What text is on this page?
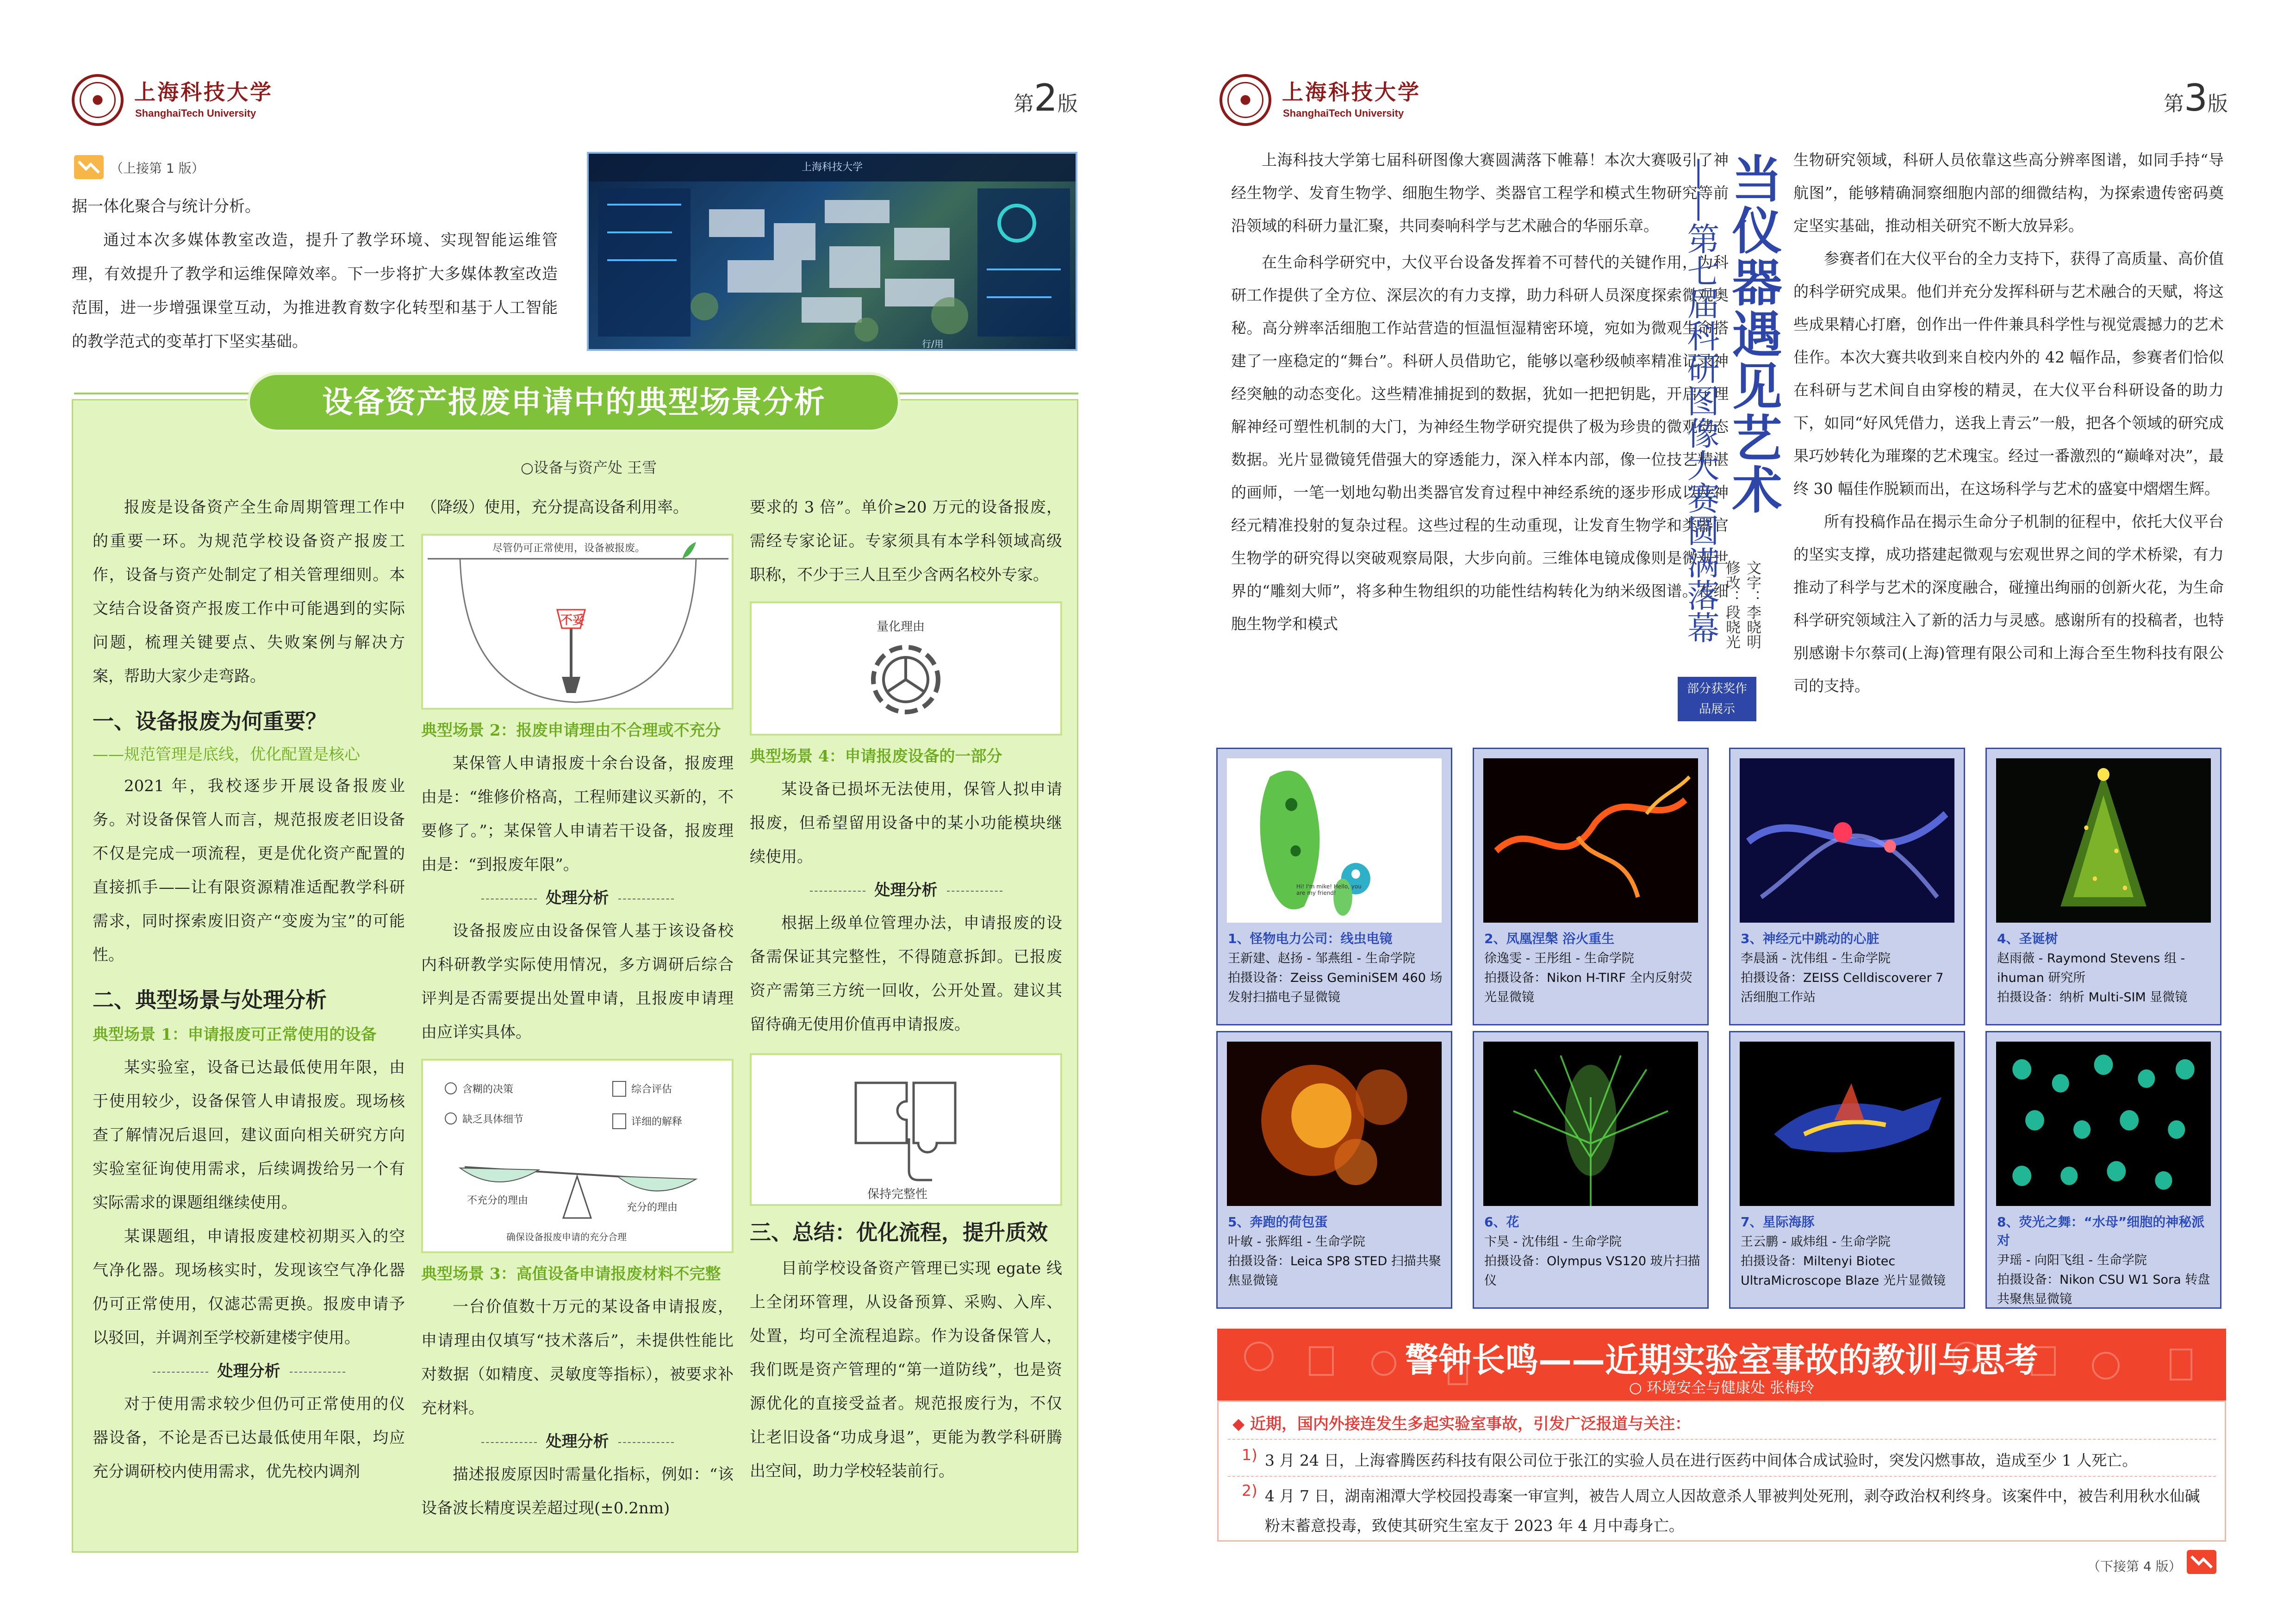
上海科技大学
ShanghaiTech University	第2版
（上接第 1 版）

据一体化聚合与统计分析。

通过本次多媒体教室改造，提升了教学环境、实现智能运维管理，有效提升了教学和运维保障效率。下一步将扩大多媒体教室改造范围，进一步增强课堂互动，为推进教育数字化转型和基于人工智能的教学范式的变革打下坚实基础。

上海科技大学
行/用
设备资产报废申请中的典型场景分析
○设备与资产处 王雪

报废是设备资产全生命周期管理工作中的重要一环。为规范学校设备资产报废工作，设备与资产处制定了相关管理细则。本文结合设备资产报废工作中可能遇到的实际问题，梳理关键要点、失败案例与解决方案，帮助大家少走弯路。

一、设备报废为何重要？
——规范管理是底线，优化配置是核心

2021 年，我校逐步开展设备报废业务。对设备保管人而言，规范报废老旧设备不仅是完成一项流程，更是优化资产配置的直接抓手——让有限资源精准适配教学科研需求，同时探索废旧资产“变废为宝”的可能性。

二、典型场景与处理分析
典型场景 1：申请报废可正常使用的设备

某实验室，设备已达最低使用年限，由于使用较少，设备保管人申请报废。现场核查了解情况后退回，建议面向相关研究方向实验室征询使用需求，后续调拨给另一个有实际需求的课题组继续使用。

某课题组，申请报废建校初期买入的空气净化器。现场核实时，发现该空气净化器仍可正常使用，仅滤芯需更换。报废申请予以驳回，并调剂至学校新建楼宇使用。

处理分析

对于使用需求较少但仍可正常使用的仪器设备，不论是否已达最低使用年限，均应充分调研校内使用需求，优先校内调剂

（降级）使用，充分提高设备利用率。

尽管仍可正常使用，设备被报废。
不妥
典型场景 2：报废申请理由不合理或不充分

某保管人申请报废十余台设备，报废理由是：“维修价格高，工程师建议买新的，不要修了。”；某保管人申请若干设备，报废理由是：“到报废年限”。

处理分析

设备报废应由设备保管人基于该设备校内科研教学实际使用情况，多方调研后综合评判是否需要提出处置申请，且报废申请理由应详实具体。

含糊的决策
缺乏具体细节
综合评估
详细的解释
不充分的理由
充分的理由
确保设备报废申请的充分合理
典型场景 3：高值设备申请报废材料不完整

一台价值数十万元的某设备申请报废，申请理由仅填写“技术落后”，未提供性能比对数据（如精度、灵敏度等指标），被要求补充材料。

处理分析

描述报废原因时需量化指标，例如：“该设备波长精度误差超过现(±0.2nm)

要求的 3 倍”。单价≥20 万元的设备报废，需经专家论证。专家须具有本学科领域高级职称，不少于三人且至少含两名校外专家。

量化理由
典型场景 4：申请报废设备的一部分

某设备已损坏无法使用，保管人拟申请报废，但希望留用设备中的某小功能模块继续使用。

处理分析

根据上级单位管理办法，申请报废的设备需保证其完整性，不得随意拆卸。已报废资产需第三方统一回收，公开处置。建议其留待确无使用价值再申请报废。

保持完整性
三、总结：优化流程，提升质效

目前学校设备资产管理已实现 egate 线上全闭环管理，从设备预算、采购、入库、处置，均可全流程追踪。作为设备保管人，我们既是资产管理的“第一道防线”，也是资源优化的直接受益者。规范报废行为，不仅让老旧设备“功成身退”，更能为教学科研腾出空间，助力学校轻装前行。

上海科技大学
ShanghaiTech University	第3版

上海科技大学第七届科研图像大赛圆满落下帷幕！本次大赛吸引了神经生物学、发育生物学、细胞生物学、类器官工程学和模式生物研究等前沿领域的科研力量汇聚，共同奏响科学与艺术融合的华丽乐章。

在生命科学研究中，大仪平台设备发挥着不可替代的关键作用，为科研工作提供了全方位、深层次的有力支撑，助力科研人员深度探索微观奥秘。高分辨率活细胞工作站营造的恒温恒湿精密环境，宛如为微观生命搭建了一座稳定的“舞台”。科研人员借助它，能够以毫秒级帧率精准记录神经突触的动态变化。这些精准捕捉到的数据，犹如一把把钥匙，开启了理解神经可塑性机制的大门，为神经生物学研究提供了极为珍贵的微观动态数据。光片显微镜凭借强大的穿透能力，深入样本内部，像一位技艺精湛的画师，一笔一划地勾勒出类器官发育过程中神经系统的逐步形成以及神经元精准投射的复杂过程。这些过程的生动重现，让发育生物学和类器官生物学的研究得以突破观察局限，大步向前。三维体电镜成像则是微观世界的“雕刻大师”，将多种生物组织的功能性结构转化为纳米级图谱。在细胞生物学和模式

当仪器遇见艺术
——第七届科研图像大赛圆满落幕	文字：李晓明
修改：段晓光
部分获奖作品展示

生物研究领域，科研人员依靠这些高分辨率图谱，如同手持“导航图”，能够精确洞察细胞内部的细微结构，为探索遗传密码奠定坚实基础，推动相关研究不断大放异彩。

参赛者们在大仪平台的全力支持下，获得了高质量、高价值的科学研究成果。他们并充分发挥科研与艺术融合的天赋，将这些成果精心打磨，创作出一件件兼具科学性与视觉震撼力的艺术佳作。本次大赛共收到来自校内外的 42 幅作品，参赛者们恰似在科研与艺术间自由穿梭的精灵，在大仪平台科研设备的助力下，如同“好风凭借力，送我上青云”一般，把各个领域的研究成果巧妙转化为璀璨的艺术瑰宝。经过一番激烈的“巅峰对决”，最终 30 幅佳作脱颖而出，在这场科学与艺术的盛宴中熠熠生辉。

所有投稿作品在揭示生命分子机制的征程中，依托大仪平台的坚实支撑，成功搭建起微观与宏观世界之间的学术桥梁，有力推动了科学与艺术的深度融合，碰撞出绚丽的创新火花，为生命科学研究领域注入了新的活力与灵感。感谢所有的投稿者，也特别感谢卡尔蔡司(上海)管理有限公司和上海合至生物科技有限公司的支持。

Hi! I'm mike! Hello, you are my friend!
1、怪物电力公司：线虫电镜
王新建、赵扬 - 邹燕组 - 生命学院
拍摄设备：Zeiss GeminiSEM 460 场发射扫描电子显微镜
2、凤凰涅槃 浴火重生
徐逸雯 - 王彤组 - 生命学院
拍摄设备：Nikon H-TIRF 全内反射荧光显微镜
3、神经元中跳动的心脏
李晨涵 - 沈伟组 - 生命学院
拍摄设备：ZEISS Celldiscoverer 7 活细胞工作站
4、圣诞树
赵雨薇 - Raymond Stevens 组 - ihuman 研究所
拍摄设备：纳析 Multi-SIM 显微镜
5、奔跑的荷包蛋
叶敏 - 张辉组 - 生命学院
拍摄设备：Leica SP8 STED 扫描共聚焦显微镜
6、花
卞昊 - 沈伟组 - 生命学院
拍摄设备：Olympus VS120 玻片扫描仪
7、星际海豚
王云鹏 - 戚炜组 - 生命学院
拍摄设备：Miltenyi Biotec UltraMicroscope Blaze 光片显微镜
8、荧光之舞：“水母”细胞的神秘派对
尹瑶 - 向阳飞组 - 生命学院
拍摄设备：Nikon CSU W1 Sora 转盘共聚焦显微镜
警钟长鸣——近期实验室事故的教训与思考
○ 环境安全与健康处 张梅玲
◆ 近期，国内外接连发生多起实验室事故，引发广泛报道与关注：
1) 3 月 24 日，上海睿腾医药科技有限公司位于张江的实验人员在进行医药中间体合成试验时，突发闪燃事故，造成至少 1 人死亡。
2) 4 月 7 日，湖南湘潭大学校园投毒案一审宣判，被告人周立人因故意杀人罪被判处死刑，剥夺政治权利终身。该案件中，被告利用秋水仙碱粉末蓄意投毒，致使其研究生室友于 2023 年 4 月中毒身亡。
（下接第 4 版）
